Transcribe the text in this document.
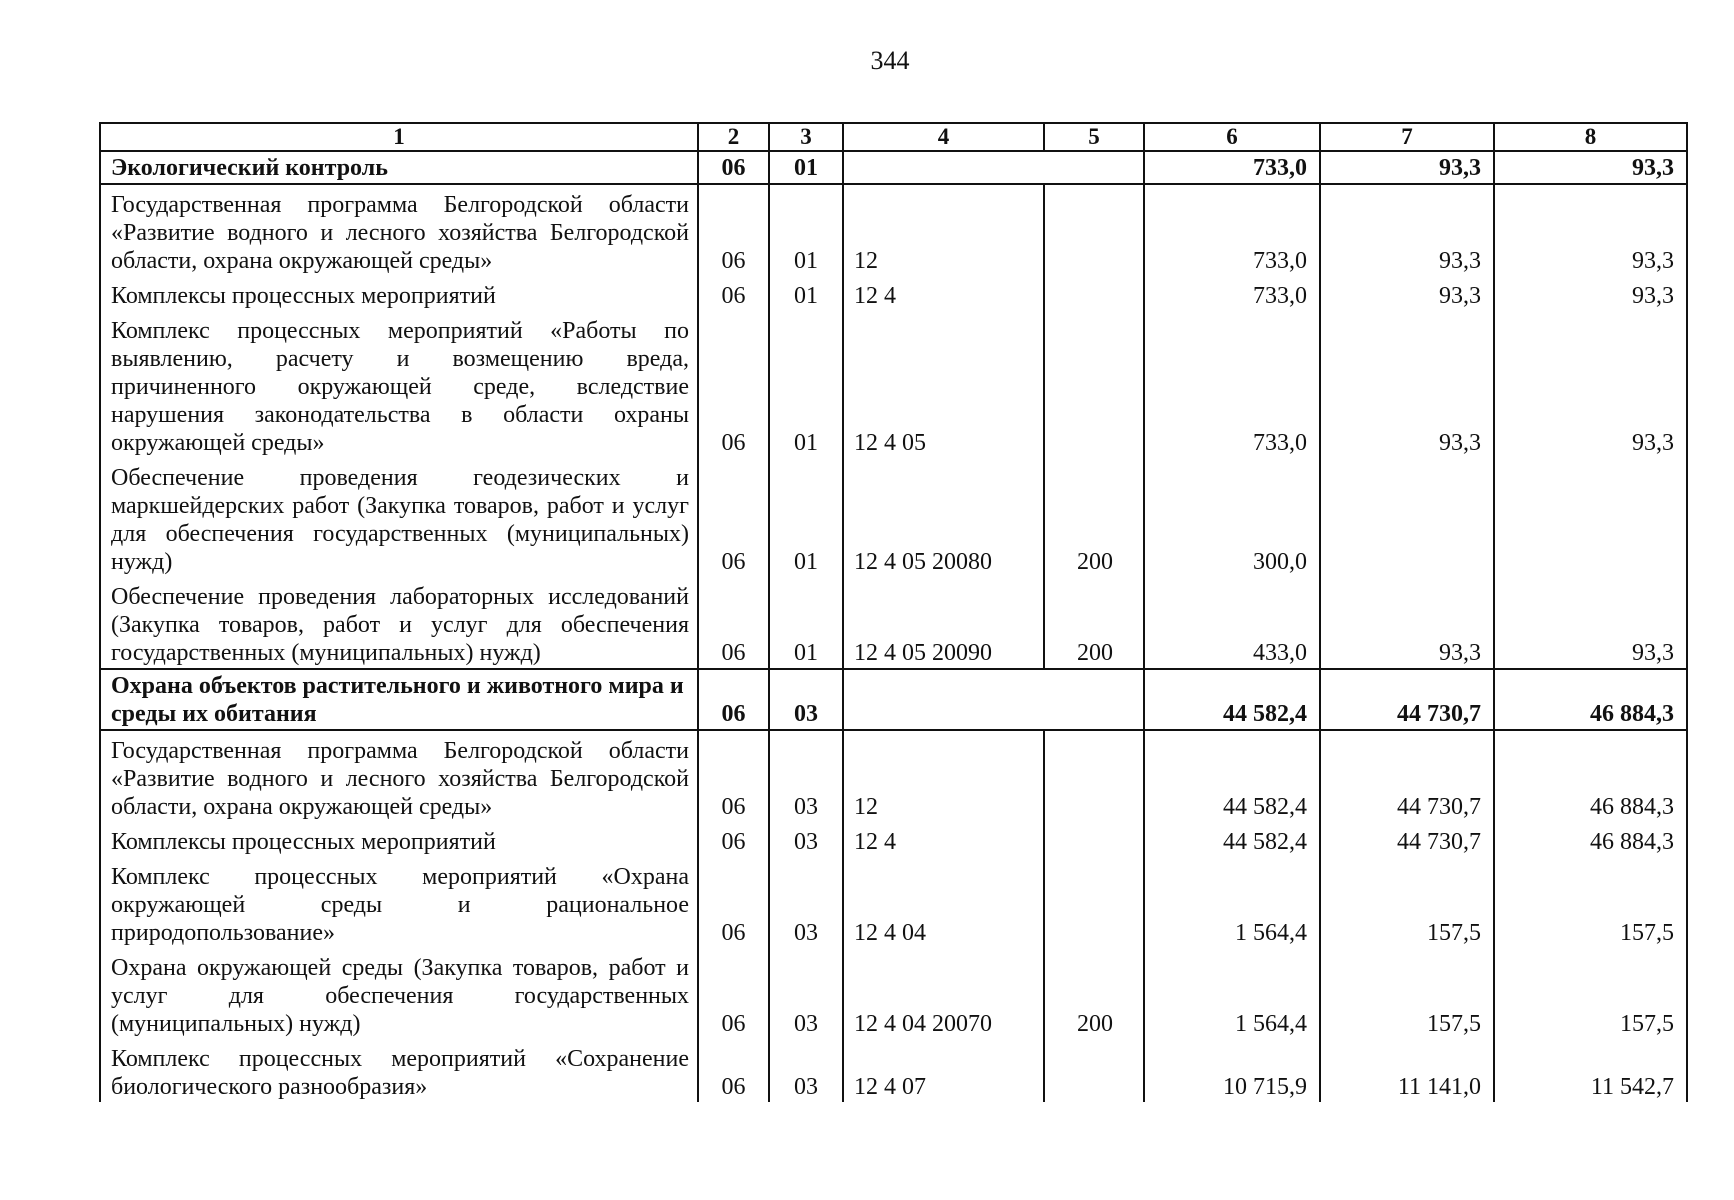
344
1	2	3	4	5	6	7	8
Экологический контроль	06	01			733,0	93,3	93,3
Государственная программа Белгородской области «Развитие водного и лесного хозяйства Белгородской области, охрана окружающей среды»	06	01	12		733,0	93,3	93,3
Комплексы процессных мероприятий	06	01	12 4		733,0	93,3	93,3
Комплекс процессных мероприятий «Работы по выявлению, расчету и возмещению вреда, причиненного окружающей среде, вследствие нарушения законодательства в области охраны окружающей среды»	06	01	12 4 05		733,0	93,3	93,3
Обеспечение проведения геодезических и маркшейдерских работ (Закупка товаров, работ и услуг для обеспечения государственных (муниципальных) нужд)	06	01	12 4 05 20080	200	300,0		
Обеспечение проведения лабораторных исследований (Закупка товаров, работ и услуг для обеспечения государственных (муниципальных) нужд)	06	01	12 4 05 20090	200	433,0	93,3	93,3
Охрана объектов растительного и животного мира и среды их обитания	06	03			44 582,4	44 730,7	46 884,3
Государственная программа Белгородской области «Развитие водного и лесного хозяйства Белгородской области, охрана окружающей среды»	06	03	12		44 582,4	44 730,7	46 884,3
Комплексы процессных мероприятий	06	03	12 4		44 582,4	44 730,7	46 884,3
Комплекс процессных мероприятий «Охрана окружающей среды и рациональное природопользование»	06	03	12 4 04		1 564,4	157,5	157,5
Охрана окружающей среды (Закупка товаров, работ и услуг для обеспечения государственных (муниципальных) нужд)	06	03	12 4 04 20070	200	1 564,4	157,5	157,5
Комплекс процессных мероприятий «Сохранение биологического разнообразия»	06	03	12 4 07		10 715,9	11 141,0	11 542,7
